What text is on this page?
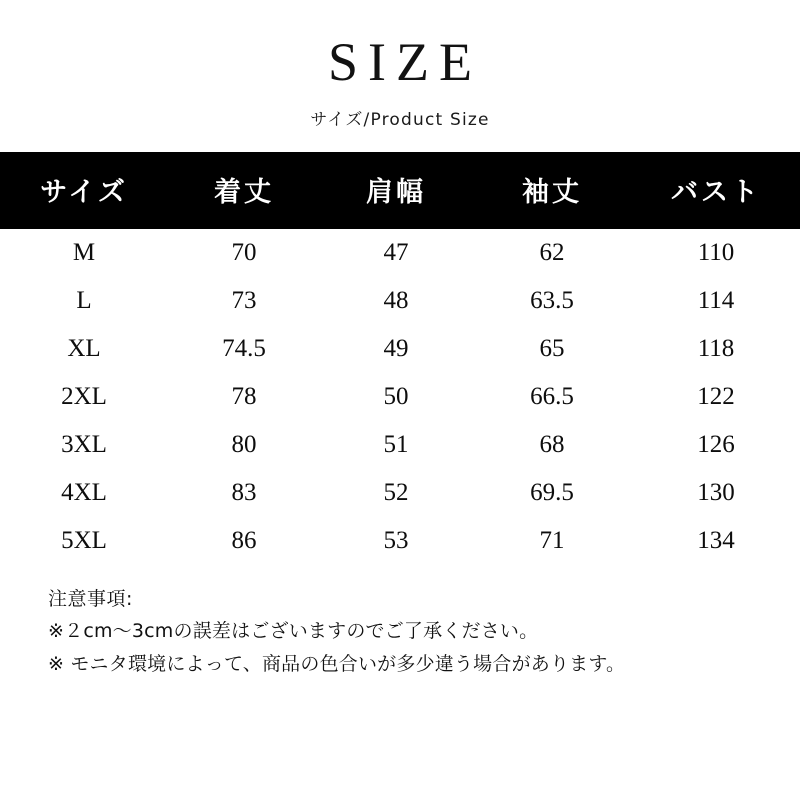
SIZE
サイズ/Product Size
サイズ	着丈	肩幅	袖丈	バスト
M	70	47	62	110
L	73	48	63.5	114
XL	74.5	49	65	118
2XL	78	50	66.5	122
3XL	80	51	68	126
4XL	83	52	69.5	130
5XL	86	53	71	134
注意事項:
※２cm〜3cmの誤差はございますのでご了承ください。
※ モニタ環境によって、商品の色合いが多少違う場合があります。
